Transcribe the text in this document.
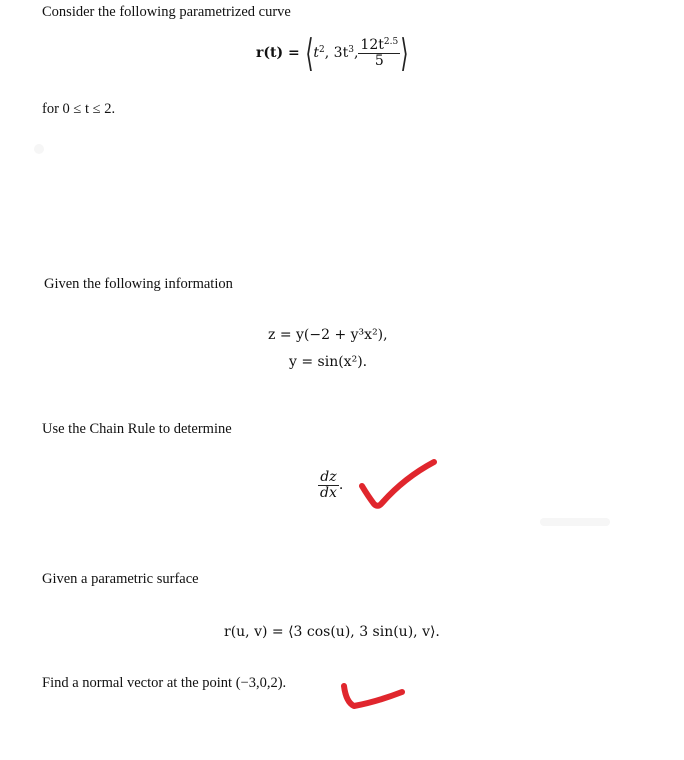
Consider the following parametrized curve
$r(t) = ⟨t^2$, $3t^3$, $\frac{12t^{2.5}}{5}$ ⟩
for 0 ≤ t ≤ 2.
Given the following information
z = y(−2 + y³x²),
y = sin(x²).
Use the Chain Rule to determine
$\frac{dz}{dx}$ .
Given a parametric surface
r(u, v) = ⟨3 cos(u), 3 sin(u), v⟩.
Find a normal vector at the point (−3,0,2).
